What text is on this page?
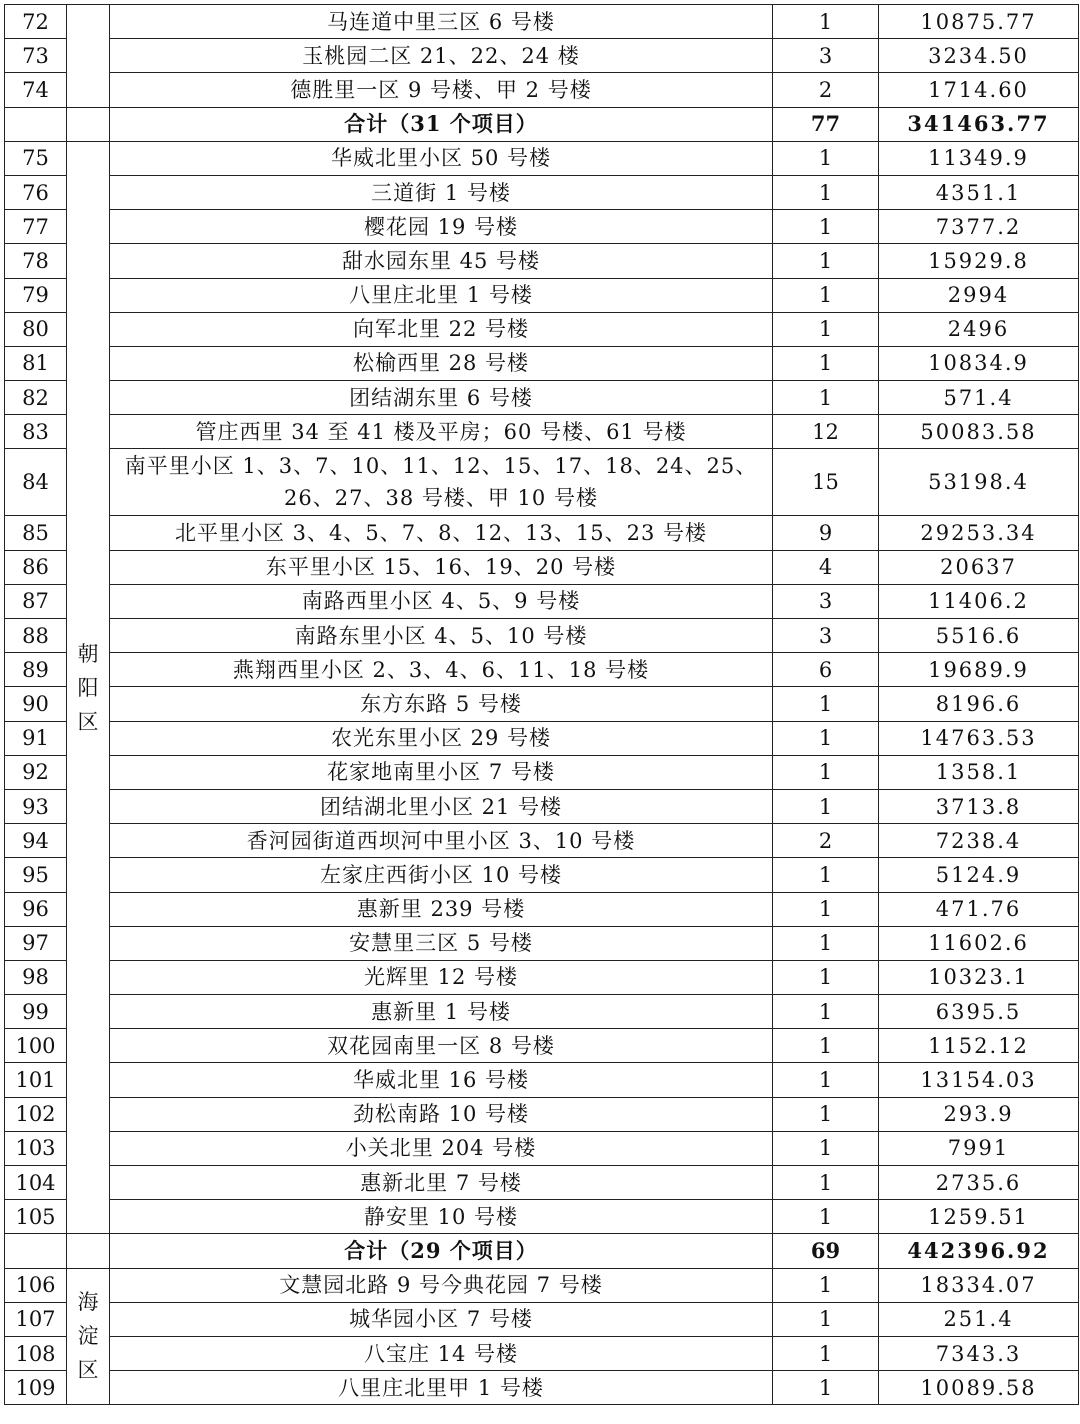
72		马连道中里三区 6 号楼	1	10875.77
73		玉桃园二区 21、22、24 楼	3	3234.50
74		德胜里一区 9 号楼、甲 2 号楼	2	1714.60
		合计（31 个项目）	77	341463.77
75	朝阳区	华威北里小区 50 号楼	1	11349.9
76		三道街 1 号楼	1	4351.1
77		樱花园 19 号楼	1	7377.2
78		甜水园东里 45 号楼	1	15929.8
79		八里庄北里 1 号楼	1	2994
80		向军北里 22 号楼	1	2496
81		松榆西里 28 号楼	1	10834.9
82		团结湖东里 6 号楼	1	571.4
83		管庄西里 34 至 41 楼及平房；60 号楼、61 号楼	12	50083.58
84		南平里小区 1、3、7、10、11、12、15、17、18、24、25、26、27、38 号楼、甲 10 号楼	15	53198.4
85		北平里小区 3、4、5、7、8、12、13、15、23 号楼	9	29253.34
86		东平里小区 15、16、19、20 号楼	4	20637
87		南路西里小区 4、5、9 号楼	3	11406.2
88		南路东里小区 4、5、10 号楼	3	5516.6
89		燕翔西里小区 2、3、4、6、11、18 号楼	6	19689.9
90		东方东路 5 号楼	1	8196.6
91		农光东里小区 29 号楼	1	14763.53
92		花家地南里小区 7 号楼	1	1358.1
93		团结湖北里小区 21 号楼	1	3713.8
94		香河园街道西坝河中里小区 3、10 号楼	2	7238.4
95		左家庄西街小区 10 号楼	1	5124.9
96		惠新里 239 号楼	1	471.76
97		安慧里三区 5 号楼	1	11602.6
98		光辉里 12 号楼	1	10323.1
99		惠新里 1 号楼	1	6395.5
100		双花园南里一区 8 号楼	1	1152.12
101		华威北里 16 号楼	1	13154.03
102		劲松南路 10 号楼	1	293.9
103		小关北里 204 号楼	1	7991
104		惠新北里 7 号楼	1	2735.6
105		静安里 10 号楼	1	1259.51
		合计（29 个项目）	69	442396.92
106	海淀区	文慧园北路 9 号今典花园 7 号楼	1	18334.07
107		城华园小区 7 号楼	1	251.4
108		八宝庄 14 号楼	1	7343.3
109		八里庄北里甲 1 号楼	1	10089.58
